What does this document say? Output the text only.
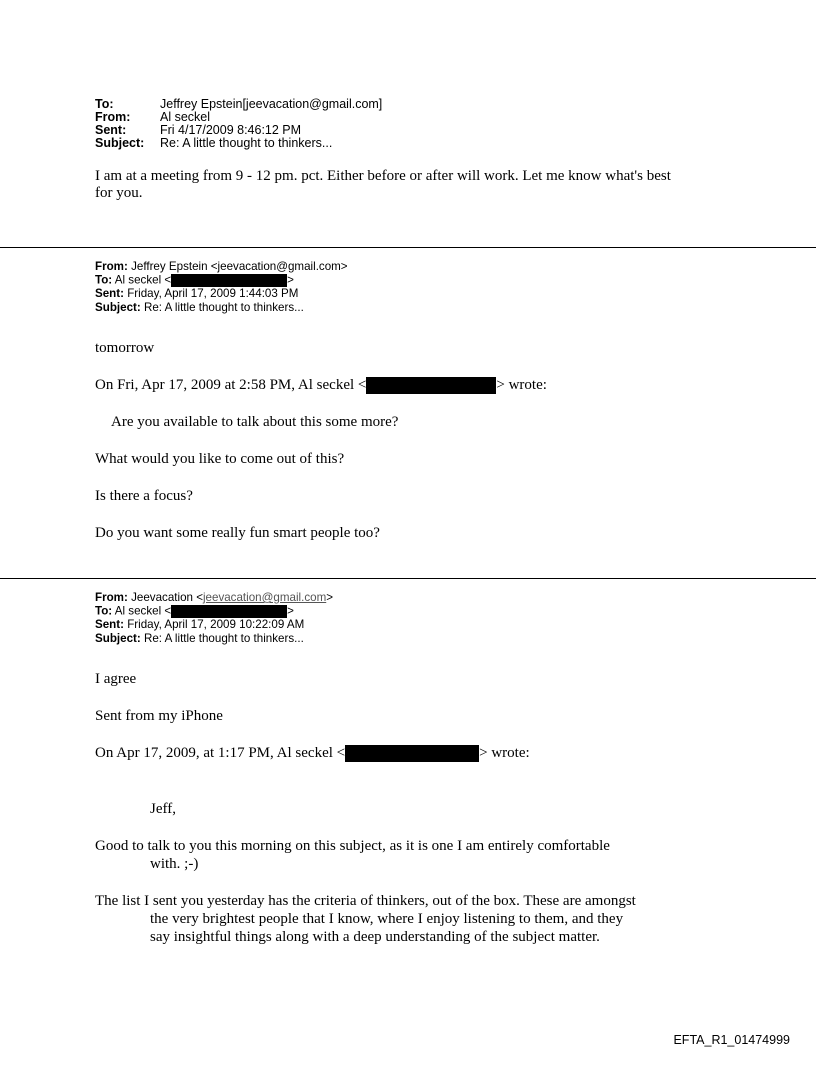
To:	Jeffrey Epstein[jeevacation@gmail.com]
From: Al seckel
Sent:	Fri 4/17/2009 8:46:12 PM
Subject: Re: A little thought to thinkers...
I am at a meeting from 9 - 12 pm. pct. Either before or after will work. Let me know what's best
for you.
From: Jeffrey Epstein <jeevacation@gmail.com>
To: Al seckel <	>
Sent: Friday, April 17, 2009 1:44:03 PM
Subject: Re: A little thought to thinkers...
tomorrow
On Fri, Apr 17, 2009 at 2:58 PM, Al seckel <	> wrote:
Are you available to talk about this some more?
What would you like to come out of this?
Is there a focus?
Do you want some really fun smart people too?
From: Jeevacation <jeevacation@gmail.com>
To: Al seckel <	>
Sent: Friday, April 17, 2009 10:22:09 AM
Subject: Re: A little thought to thinkers...
I agree
Sent from my iPhone
On Apr 17, 2009, at 1:17 PM, Al seckel <	> wrote:
Jeff,
Good to talk to you this morning on this subject, as it is one I am entirely comfortable
with. ;-)
The list I sent you yesterday has the criteria of thinkers, out of the box. These are amongst
the very brightest people that I know, where I enjoy listening to them, and they
say insightful things along with a deep understanding of the subject matter.
EFTA_R1_01474999
